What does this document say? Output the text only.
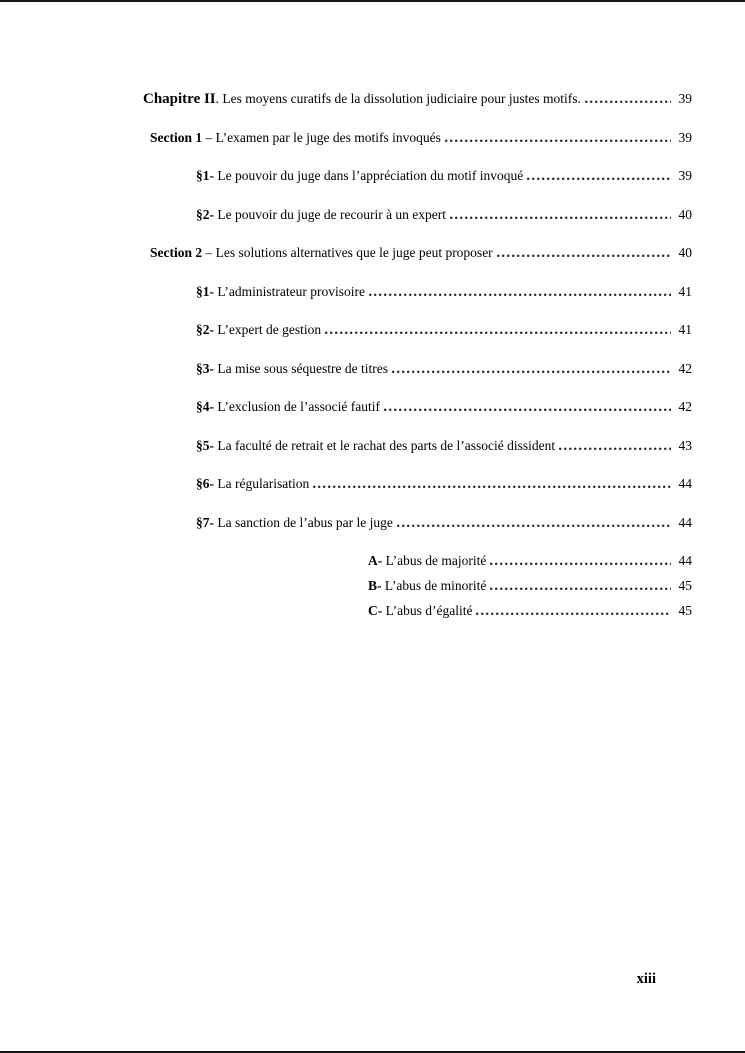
Chapitre II . Les moyens curatifs de la dissolution judiciaire pour justes motifs.	39
Section 1 – L’examen par le juge des motifs invoqués	39
§1- Le pouvoir du juge dans l’appréciation du motif invoqué	39
§2- Le pouvoir du juge de recourir à un expert	40
Section 2 – Les solutions alternatives que le juge peut proposer	40
§1- L’administrateur provisoire	41
§2- L’expert de gestion	41
§3- La mise sous séquestre de titres	42
§4- L’exclusion de l’associé fautif	42
§5- La faculté de retrait et le rachat des parts de l’associé dissident	43
§6- La régularisation	44
§7- La sanction de l’abus par le juge	44
A- L’abus de majorité	44
B- L’abus de minorité	45
C- L’abus d’égalité	45
xiii
